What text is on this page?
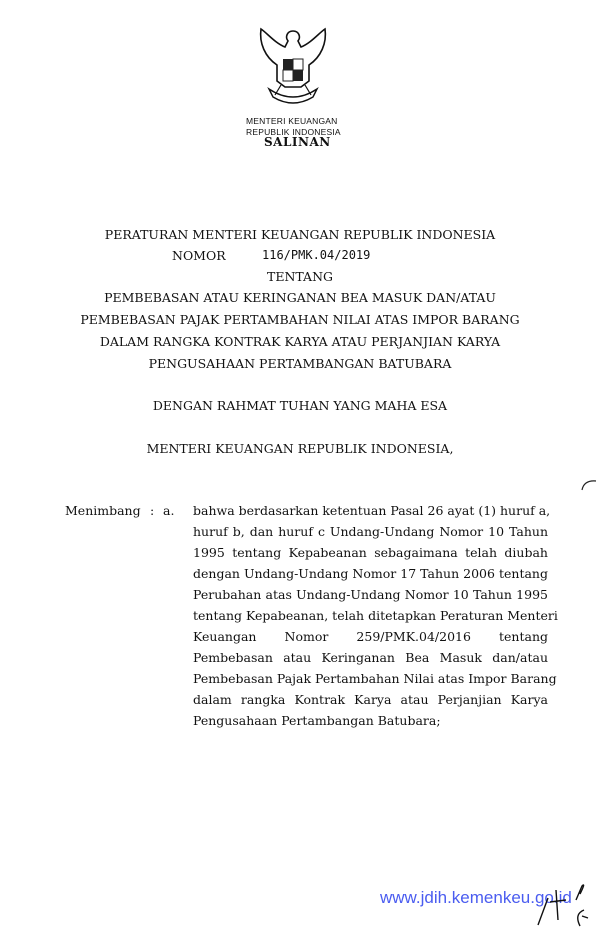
MENTERI KEUANGAN
REPUBLIK INDONESIA
SALINAN
PERATURAN MENTERI KEUANGAN REPUBLIK INDONESIA
NOMOR	116/PMK.04/2019
TENTANG
PEMBEBASAN ATAU KERINGANAN BEA MASUK DAN/ATAU
PEMBEBASAN PAJAK PERTAMBAHAN NILAI ATAS IMPOR BARANG
DALAM RANGKA KONTRAK KARYA ATAU PERJANJIAN KARYA
PENGUSAHAAN PERTAMBANGAN BATUBARA
DENGAN RAHMAT TUHAN YANG MAHA ESA
MENTERI KEUANGAN REPUBLIK INDONESIA,
Menimbang : a. bahwa berdasarkan ketentuan Pasal 26 ayat (1) huruf a,
huruf b, dan huruf c Undang-Undang Nomor 10 Tahun
1995 tentang Kepabeanan sebagaimana telah diubah
dengan Undang-Undang Nomor 17 Tahun 2006 tentang
Perubahan atas Undang-Undang Nomor 10 Tahun 1995
tentang Kepabeanan, telah ditetapkan Peraturan Menteri
Keuangan Nomor 259/PMK.04/2016 tentang
Pembebasan atau Keringanan Bea Masuk dan/atau
Pembebasan Pajak Pertambahan Nilai atas Impor Barang
dalam rangka Kontrak Karya atau Perjanjian Karya
Pengusahaan Pertambangan Batubara;
www.jdih.kemenkeu.go.id
